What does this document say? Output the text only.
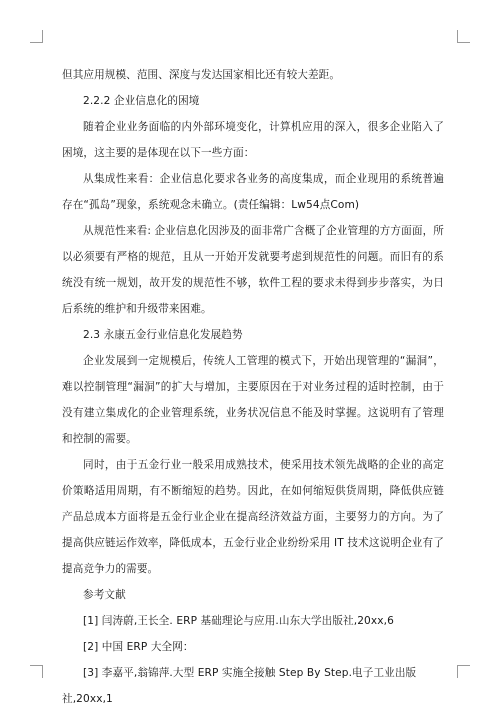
但其应用规模、范围、深度与发达国家相比还有较大差距。

2.2.2 企业信息化的困境

随着企业业务面临的内外部环境变化，计算机应用的深入，很多企业陷入了困境，这主要的是体现在以下一些方面：

从集成性来看：企业信息化要求各业务的高度集成，而企业现用的系统普遍存在“孤岛”现象，系统观念未确立。(责任编辑：Lw54点Com)

从规范性来看: 企业信息化因涉及的面非常广含概了企业管理的方方面面，所以必须要有严格的规范，且从一开始开发就要考虑到规范性的问题。而旧有的系统没有统一规划，故开发的规范性不够，软件工程的要求未得到步步落实，为日后系统的维护和升级带来困难。

2.3 永康五金行业信息化发展趋势

企业发展到一定规模后，传统人工管理的模式下，开始出现管理的“漏洞”，难以控制管理“漏洞”的扩大与增加，主要原因在于对业务过程的适时控制，由于没有建立集成化的企业管理系统，业务状况信息不能及时掌握。这说明有了管理和控制的需要。

同时，由于五金行业一般采用成熟技术，使采用技术领先战略的企业的高定价策略适用周期，有不断缩短的趋势。因此，在如何缩短供货周期，降低供应链产品总成本方面将是五金行业企业在提高经济效益方面，主要努力的方向。为了提高供应链运作效率，降低成本，五金行业企业纷纷采用 IT 技术这说明企业有了提高竞争力的需要。

参考文献

[1] 闫涛蔚,王长全. ERP 基础理论与应用.山东大学出版社,20xx,6

[2] 中国 ERP 大全网：

[3] 李嘉平,翁锦萍.大型 ERP 实施全接触 Step By Step.电子工业出版

社,20xx,1
